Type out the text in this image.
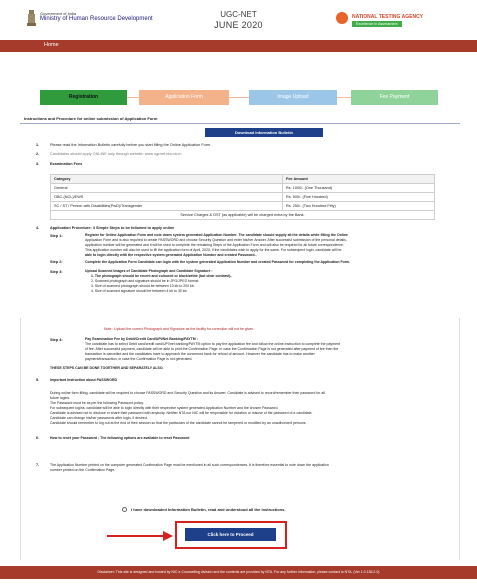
Government of India
Ministry of Human Resource Development	UGC-NET
JUNE 2020
NATIONAL TESTING AGENCY
Excellence in Assessment
Home
Registration	Application Form	Image Upload	Fee Payment
Instructions and Procedure for online submission of Application Form
Download Information Bulletin
1.	Please read the Information Bulletin carefully before you start filling the Online Application Form.
2.	Candidates should apply ONLINE only through website: www.ugcnet.nta.nic.in
3.	Examination Fees
Category	Fee Amount
General	Rs. 1000/- (One Thousand)
OBC-(NCL)/EWS	Rs. 500/- (Five Hundred)
SC / ST / Person with Disabilities(PwD)/Transgender	Rs. 250/- (Two Hundred Fifty)
Service Charges & GST (as applicable) will be charged extra by the Bank.	
4.	Application Procedure: 3 Simple Steps to be followed to apply online
Step 1:	Register for Online Application Form and note down system generated Application Number. The candidate should supply all the details while filling the Online
Application Form and is also required to create PASSWORD and choose Security Question and enter his/her Answer. After successful submission of the personal details,
application number will be generated and it will be used to complete the remaining Steps of the Application Form and will also be required for all future correspondence.
This application number will also be used to fill the application form of April, 2020, if the candidates wish to apply for the same. For subsequent login, candidate will be
able to login directly with the respective system generated Application Number and created Password..
Step 2:	Complete the Application Form Candidate can login with the system generated Application Number and created Password for completing the Application Form.
Step 3:	Upload Scanned Images of Candidate Photograph and Candidate Signature :
1. The photograph should be recent and coloured or black/white (but clear contrast)..
2. Scanned photograph and signature should be in JPG/JPEG format.
3. Size of scanned photograph should be between 10 kb to 200 kb.
4. Size of scanned signature should be between 4 kb to 30 kb.
Note : Upload the correct Photograph and Signature as the facility for correction will not be given.
Step 4:	Pay Examination Fee by Debit/Credit Card/UPI/Net Banking/PAYTM :
The candidate has to select Debit card/credit card/UPI/net banking/PAYTM option to pay the application fee and follow the online instruction to complete the payment
of fee. After successful payment, candidate will be able to print the Confirmation Page. In case the Confirmation Page is not generated after payment of fee then the
transaction is cancelled and the candidates have to approach the concerned bank for refund of amount. However the candidate has to make another
payment/transaction, in case the Confirmation Page is not generated.
THESE STEPS CAN BE DONE TOGETHER AND SEPARATELY ALSO.
5.	Important Instruction about PASSWORD
During online form filling, candidate will be required to choose PASSWORD and Security Question and its Answer. Candidate is advised to record/remember their password for all
future logins.
The Password must be as per the following Password policy.
For subsequent logins, candidate will be able to login directly with their respective system generated Application Number and the chosen Password.
Candidate is advised not to disclose or share their password with anybody. Neither NTA nor NIC will be responsible for violation or misuse of the password of a candidate.
Candidate can change his/her passwords after login, if desired.
Candidate should remember to log out at the end of their session so that the particulars of the candidate cannot be tampered or modified by an unauthorized persons.
6.	How to reset your Password : The following options are available to reset Password
7.	The Application Number printed on the computer generated Confirmation Page must be mentioned in all such correspondences. It is therefore essential to note down the application
number printed on the Confirmation Page.
I have downloaded Information Bulletin, read and understood all the instructions.
Click here to Proceed
Disclaimer: This site is designed and hosted by NIC e-Counselling division and the contents are provided by NTA. For any further information, please contact to NTA. (Ver 1.0.136.2.0)
